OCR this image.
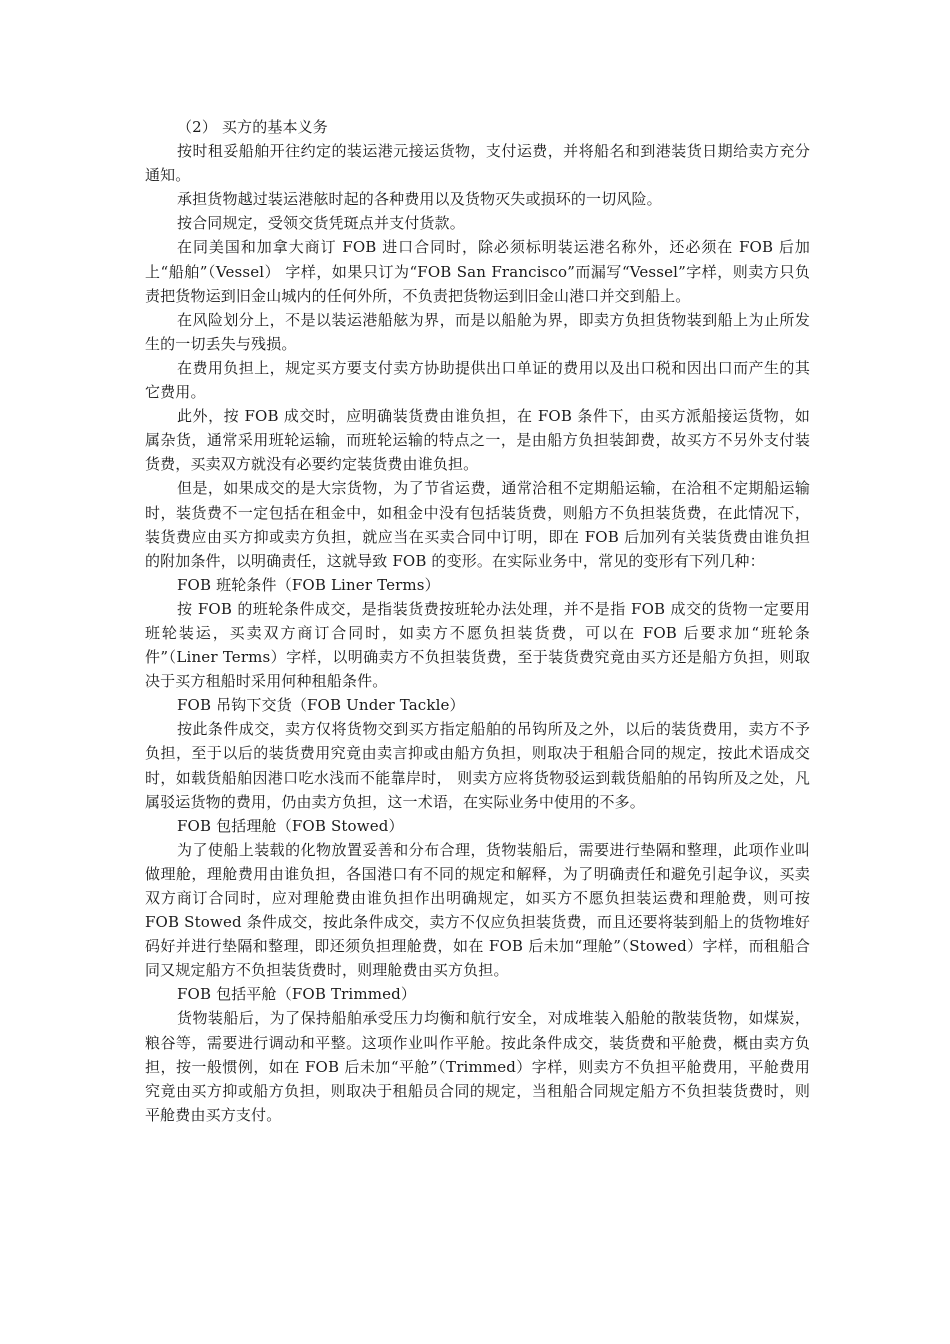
（2） 买方的基本义务

按时租妥船舶开往约定的装运港元接运货物，支付运费，并将船名和到港装货日期给卖方充分通知。

承担货物越过装运港舷时起的各种费用以及货物灭失或损环的一切风险。

按合同规定，受领交货凭斑点并支付货款。

在同美国和加拿大商订 FOB 进口合同时，除必须标明装运港名称外，还必须在 FOB 后加上“船舶”（Vessel） 字样，如果只订为“FOB San Francisco”而漏写“Vessel”字样，则卖方只负责把货物运到旧金山城内的任何外所，不负责把货物运到旧金山港口并交到船上。

在风险划分上，不是以装运港船舷为界，而是以船舱为界，即卖方负担货物装到船上为止所发生的一切丢失与残损。

在费用负担上，规定买方要支付卖方协助提供出口单证的费用以及出口税和因出口而产生的其它费用。

此外，按 FOB 成交时，应明确装货费由谁负担，在 FOB 条件下，由买方派船接运货物，如属杂货，通常采用班轮运输，而班轮运输的特点之一，是由船方负担装卸费，故买方不另外支付装货费，买卖双方就没有必要约定装货费由谁负担。

但是，如果成交的是大宗货物，为了节省运费，通常洽租不定期船运输，在洽租不定期船运输时，装货费不一定包括在租金中，如租金中没有包括装货费，则船方不负担装货费，在此情况下，装货费应由买方抑或卖方负担，就应当在买卖合同中订明，即在 FOB 后加列有关装货费由谁负担的附加条件，以明确责任，这就导致 FOB 的变形。在实际业务中，常见的变形有下列几种：

FOB 班轮条件（FOB Liner Terms）

按 FOB 的班轮条件成交，是指装货费按班轮办法处理，并不是指 FOB 成交的货物一定要用班轮装运，买卖双方商订合同时，如卖方不愿负担装货费，可以在 FOB 后要求加“班轮条件”（Liner Terms）字样，以明确卖方不负担装货费，至于装货费究竟由买方还是船方负担，则取决于买方租船时采用何种租船条件。

FOB 吊钩下交货（FOB Under Tackle）

按此条件成交，卖方仅将货物交到买方指定船舶的吊钩所及之外，以后的装货费用，卖方不予负担，至于以后的装货费用究竟由卖言抑或由船方负担，则取决于租船合同的规定，按此术语成交时，如载货船舶因港口吃水浅而不能靠岸时， 则卖方应将货物驳运到载货船舶的吊钩所及之处，凡属驳运货物的费用，仍由卖方负担，这一术语，在实际业务中使用的不多。

FOB 包括理舱（FOB Stowed）

为了使船上装载的化物放置妥善和分布合理，货物装船后，需要进行垫隔和整理，此项作业叫做理舱，理舱费用由谁负担，各国港口有不同的规定和解释，为了明确责任和避免引起争议，买卖双方商订合同时，应对理舱费由谁负担作出明确规定，如买方不愿负担装运费和理舱费，则可按 FOB Stowed 条件成交，按此条件成交，卖方不仅应负担装货费，而且还要将装到船上的货物堆好码好并进行垫隔和整理，即还须负担理舱费，如在 FOB 后未加“理舱”（Stowed）字样，而租船合同又规定船方不负担装货费时，则理舱费由买方负担。

FOB 包括平舱（FOB Trimmed）

货物装船后，为了保持船舶承受压力均衡和航行安全，对成堆装入船舱的散装货物，如煤炭，粮谷等，需要进行调动和平整。这项作业叫作平舱。按此条件成交，装货费和平舱费，概由卖方负担，按一般惯例，如在 FOB 后未加“平舱”（Trimmed）字样，则卖方不负担平舱费用，平舱费用究竟由买方抑或船方负担，则取决于租船员合同的规定，当租船合同规定船方不负担装货费时，则平舱费由买方支付。
